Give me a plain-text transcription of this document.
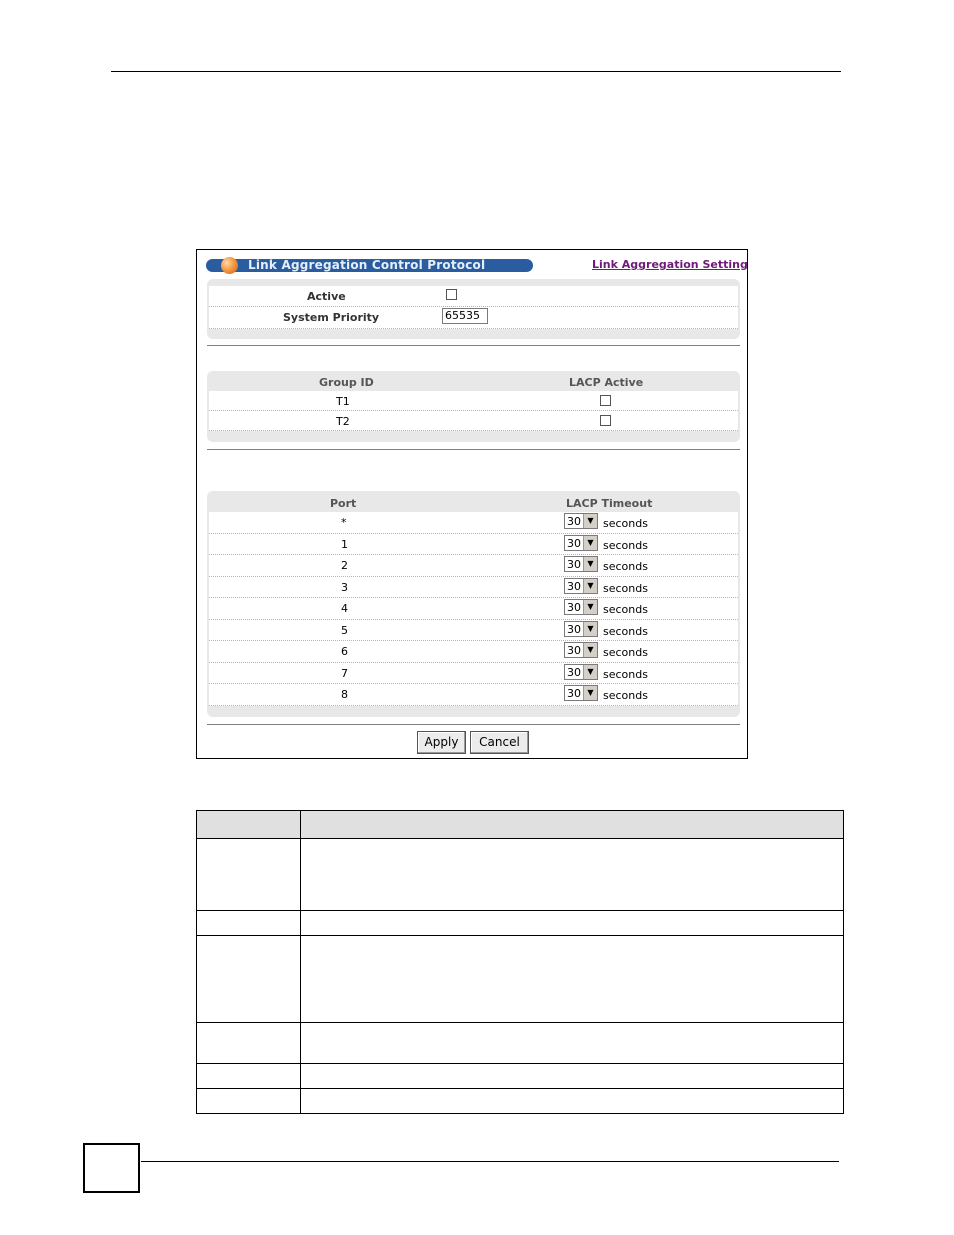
Link Aggregation Control Protocol	Link Aggregation Setting
Active
System Priority	65535
Group ID	LACP Active
T1
T2
Port	LACP Timeout
*	30 ▼ seconds
1	30 ▼ seconds
2	30 ▼ seconds
3	30 ▼ seconds
4	30 ▼ seconds
5	30 ▼ seconds
6	30 ▼ seconds
7	30 ▼ seconds
8	30 ▼ seconds
Apply	Cancel
